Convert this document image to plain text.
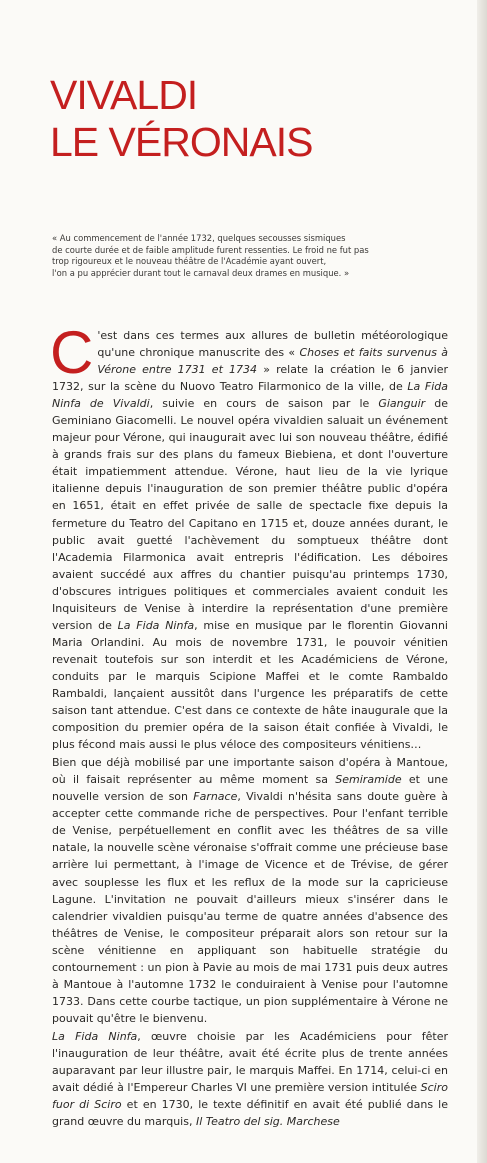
VIVALDI
LE VÉRONAIS
« Au commencement de l'année 1732, quelques secousses sismiques
de courte durée et de faible amplitude furent ressenties. Le froid ne fut pas
trop rigoureux et le nouveau théâtre de l'Académie ayant ouvert,
l'on a pu apprécier durant tout le carnaval deux drames en musique. »

C 'est dans ces termes aux allures de bulletin météorologique qu'une chronique manuscrite des « Choses et faits survenus à Vérone entre 1731 et 1734 » relate la création le 6 janvier 1732, sur la scène du Nuovo Teatro Filarmonico de la ville, de La Fida Ninfa de Vivaldi, suivie en cours de saison par le Gianguir de Geminiano Giacomelli. Le nouvel opéra vivaldien saluait un événement majeur pour Vérone, qui inaugurait avec lui son nouveau théâtre, édifié à grands frais sur des plans du fameux Biebiena, et dont l'ouverture était impatiemment attendue. Vérone, haut lieu de la vie lyrique italienne depuis l'inauguration de son premier théâtre public d'opéra en 1651, était en effet privée de salle de spectacle fixe depuis la fermeture du Teatro del Capitano en 1715 et, douze années durant, le public avait guetté l'achèvement du somptueux théâtre dont l'Academia Filarmonica avait entrepris l'édification. Les déboires avaient succédé aux affres du chantier puisqu'au printemps 1730, d'obscures intrigues politiques et commerciales avaient conduit les Inquisiteurs de Venise à interdire la représentation d'une première version de La Fida Ninfa, mise en musique par le florentin Giovanni Maria Orlandini. Au mois de novembre 1731, le pouvoir vénitien revenait toutefois sur son interdit et les Académiciens de Vérone, conduits par le marquis Scipione Maffei et le comte Rambaldo Rambaldi, lançaient aussitôt dans l'urgence les préparatifs de cette saison tant attendue. C'est dans ce contexte de hâte inaugurale que la composition du premier opéra de la saison était confiée à Vivaldi, le plus fécond mais aussi le plus véloce des compositeurs vénitiens…

Bien que déjà mobilisé par une importante saison d'opéra à Mantoue, où il faisait représenter au même moment sa Semiramide et une nouvelle version de son Farnace, Vivaldi n'hésita sans doute guère à accepter cette commande riche de perspectives. Pour l'enfant terrible de Venise, perpétuellement en conflit avec les théâtres de sa ville natale, la nouvelle scène véronaise s'offrait comme une précieuse base arrière lui permettant, à l'image de Vicence et de Trévise, de gérer avec souplesse les flux et les reflux de la mode sur la capricieuse Lagune. L'invitation ne pouvait d'ailleurs mieux s'insérer dans le calendrier vivaldien puisqu'au terme de quatre années d'absence des théâtres de Venise, le compositeur préparait alors son retour sur la scène vénitienne en appliquant son habituelle stratégie du contournement : un pion à Pavie au mois de mai 1731 puis deux autres à Mantoue à l'automne 1732 le conduiraient à Venise pour l'automne 1733. Dans cette courbe tactique, un pion supplémentaire à Vérone ne pouvait qu'être le bienvenu.

La Fida Ninfa, œuvre choisie par les Académiciens pour fêter l'inauguration de leur théâtre, avait été écrite plus de trente années auparavant par leur illustre pair, le marquis Maffei. En 1714, celui-ci en avait dédié à l'Empereur Charles VI une première version intitulée Sciro fuor di Sciro et en 1730, le texte définitif en avait été publié dans le grand œuvre du marquis, Il Teatro del sig. Marchese
